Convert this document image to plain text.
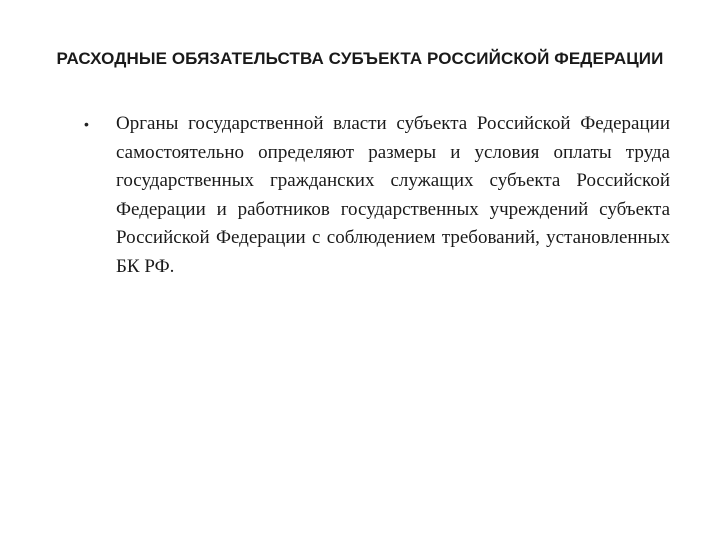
РАСХОДНЫЕ ОБЯЗАТЕЛЬСТВА СУБЪЕКТА РОССИЙСКОЙ ФЕДЕРАЦИИ
• Органы государственной власти субъекта Российской Федерации самостоятельно определяют размеры и условия оплаты труда государственных гражданских служащих субъекта Российской Федерации и работников государственных учреждений субъекта Российской Федерации с соблюдением требований, установленных БК РФ.
